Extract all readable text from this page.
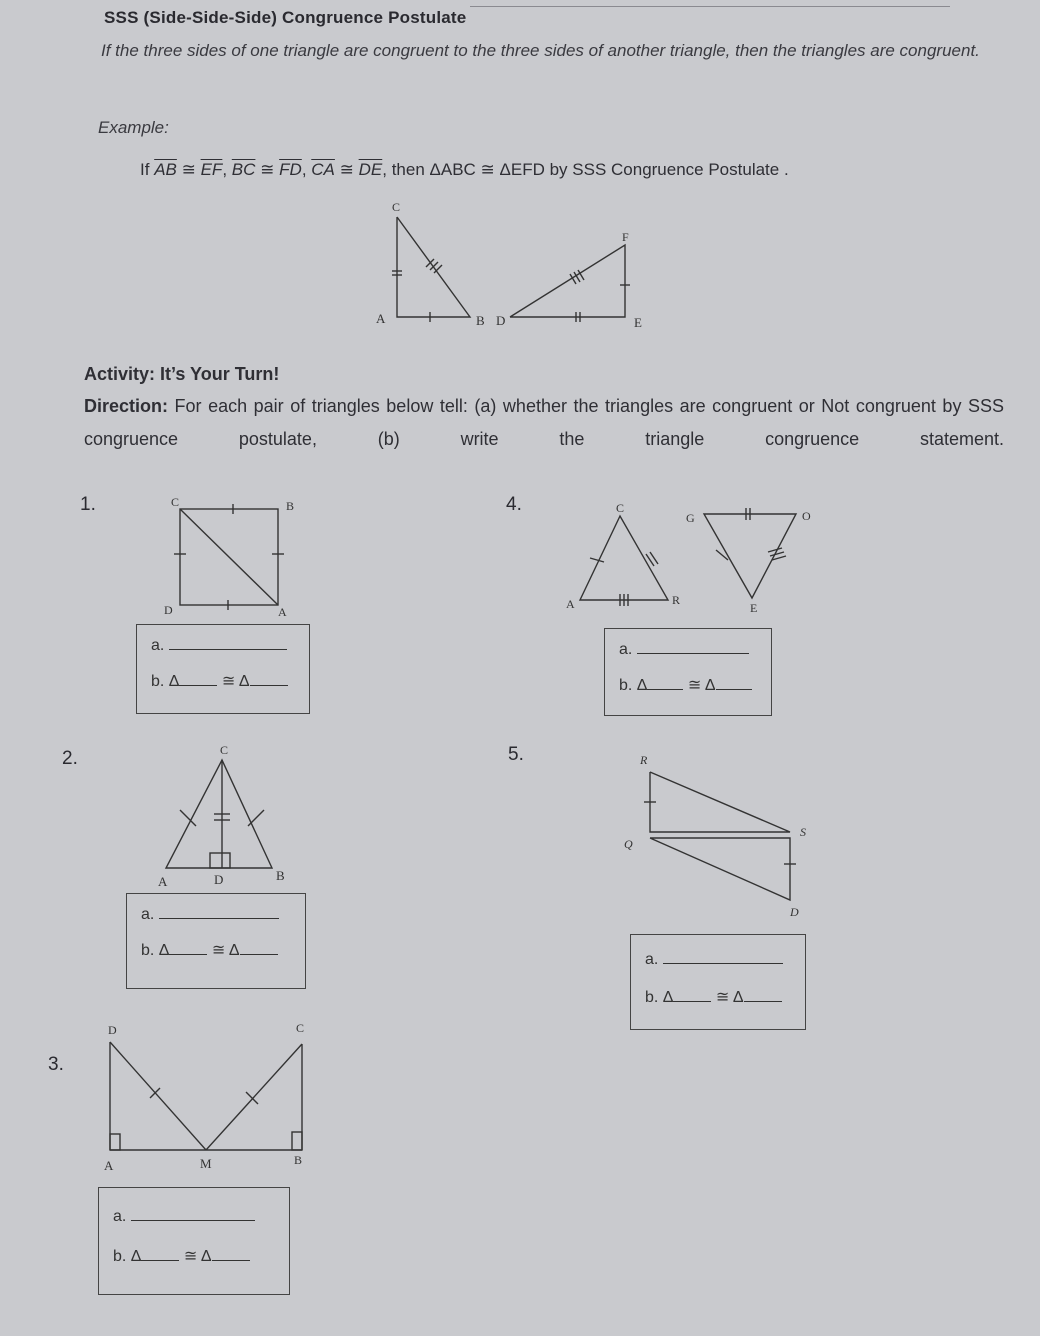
SSS (Side-Side-Side) Congruence Postulate
If the three sides of one triangle are congruent to the three sides of another triangle, then the triangles are congruent.
Example:
If $\overline{AB}$ ≅ $\overline{EF}$, $\overline{BC}$ ≅ $\overline{FD}$, $\overline{CA}$ ≅ $\overline{DE}$, then ΔABC ≅ ΔEFD by SSS Congruence Postulate .
C
A	B
F
D	E
Activity: It’s Your Turn!
Direction: For each pair of triangles below tell: (a) whether the triangles are congruent or Not congruent by SSS congruence postulate, (b) write the triangle congruence statement.
1.	C	B
D	A
a.
b. Δ	≅ Δ
2.	C
A	D	B
a.
b. Δ	≅ Δ
3.
D	C
A	M	B
a.
b. Δ	≅ Δ
4.	C
A	R
G	O
E
a.
b. Δ	≅ Δ
5.	R
S
Q
D
a.
b. Δ	≅ Δ
